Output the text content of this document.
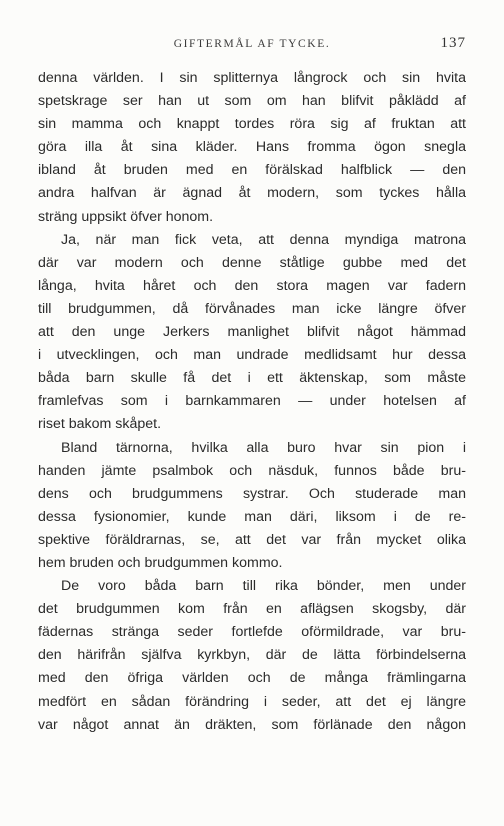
GIFTERMÅL AF TYCKE.	137
denna världen. I sin splitternya långrock och sin hvita
spetskrage ser han ut som om han blifvit påklädd af
sin mamma och knappt tordes röra sig af fruktan att
göra illa åt sina kläder. Hans fromma ögon snegla
ibland åt bruden med en förälskad halfblick — den
andra halfvan är ägnad åt modern, som tyckes hålla
sträng uppsikt öfver honom.
Ja, när man fick veta, att denna myndiga matrona
där var modern och denne ståtlige gubbe med det
långa, hvita håret och den stora magen var fadern
till brudgummen, då förvånades man icke längre öfver
att den unge Jerkers manlighet blifvit något hämmad
i utvecklingen, och man undrade medlidsamt hur dessa
båda barn skulle få det i ett äktenskap, som måste
framlefvas som i barnkammaren — under hotelsen af
riset bakom skåpet.
Bland tärnorna, hvilka alla buro hvar sin pion i
handen jämte psalmbok och näsduk, funnos både bru-
dens och brudgummens systrar. Och studerade man
dessa fysionomier, kunde man däri, liksom i de re-
spektive föräldrarnas, se, att det var från mycket olika
hem bruden och brudgummen kommo.
De voro båda barn till rika bönder, men under
det brudgummen kom från en aflägsen skogsby, där
fädernas stränga seder fortlefde oförmildrade, var bru-
den härifrån själfva kyrkbyn, där de lätta förbindelserna
med den öfriga världen och de många främlingarna
medfört en sådan förändring i seder, att det ej längre
var något annat än dräkten, som förlänade den någon
